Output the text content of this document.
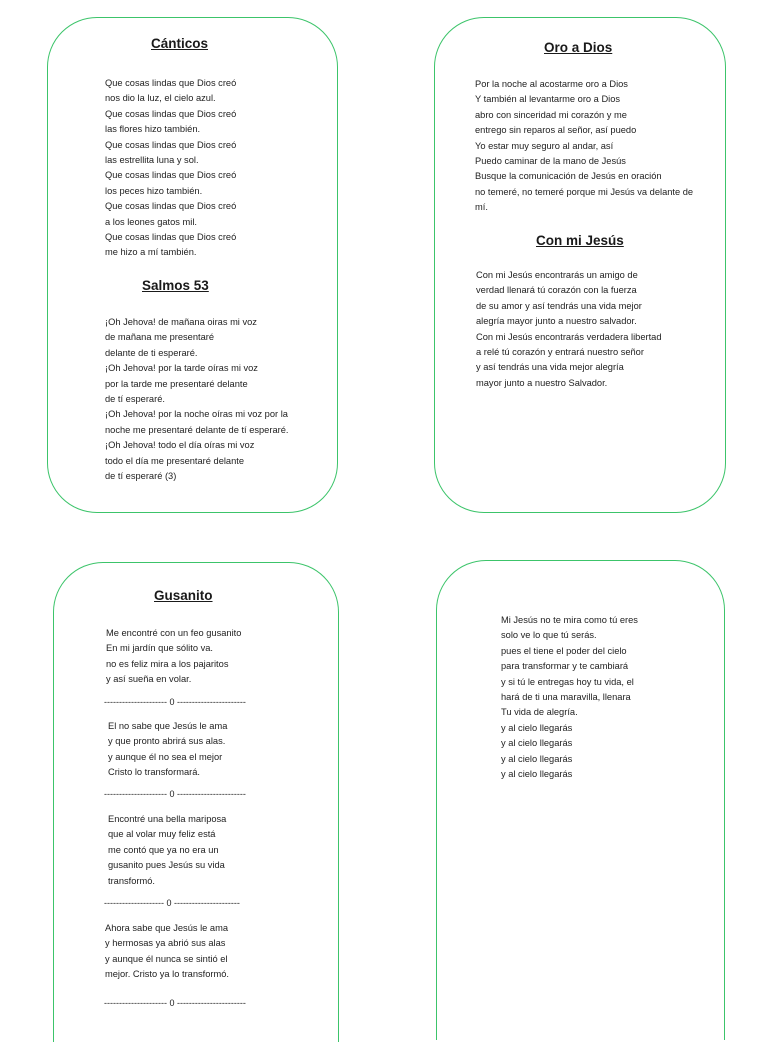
Cánticos
Que cosas lindas que Dios creó
nos dio la luz, el cielo azul.
Que cosas lindas que Dios creó
las flores hizo también.
Que cosas lindas que Dios creó
las estrellita luna y sol.
Que cosas lindas que Dios creó
los peces hizo también.
Que cosas lindas que Dios creó
a los leones gatos mil.
Que cosas lindas que Dios creó
me hizo a mí también.
Salmos 53
¡Oh Jehova! de mañana oiras mi voz
de mañana me presentaré
delante de ti esperaré.
¡Oh Jehova! por la tarde oíras mi voz
por la tarde me presentaré delante
de tí esperaré.
¡Oh Jehova! por la noche oíras mi voz por la
noche me presentaré delante de tí esperaré.
¡Oh Jehova! todo el día oíras mi voz
todo el día me presentaré delante
de tí esperaré (3)
Oro a Dios
Por la noche al acostarme oro a Dios
Y también al levantarme oro a Dios
abro con sinceridad mi corazón y me
entrego sin reparos al señor, así puedo
Yo estar muy seguro al andar, así
Puedo caminar de la mano de Jesús
Busque la comunicación de Jesús en oración
no temeré, no temeré porque mi Jesús va delante de
mí.
Con mi Jesús
Con mi Jesús encontrarás un amigo de
verdad llenará tú corazón con la fuerza
de su amor y así tendrás una vida mejor
alegría mayor junto a nuestro salvador.
Con mi Jesús encontrarás verdadera libertad
a relé tú corazón y entrará nuestro señor
y así tendrás una vida mejor alegría
mayor junto a nuestro Salvador.
Gusanito
Me encontré con un feo gusanito
En mi jardín que sólito va.
no es feliz mira a los pajaritos
y así sueña en volar.
--------------------- 0 -----------------------
El no sabe que Jesús le ama
y que pronto abrirá sus alas.
y aunque él no sea el mejor
Cristo lo transformará.
--------------------- 0 -----------------------
Encontré una bella mariposa
que al volar muy feliz está
me contó que ya no era un
gusanito pues Jesús su vida
transformó.
-------------------- 0 ----------------------
Ahora sabe que Jesús le ama
y hermosas ya abrió sus alas
y aunque él nunca se sintió el
mejor. Cristo ya lo transformó.
--------------------- 0 -----------------------
Mi Jesús no te mira como tú eres
solo ve lo que tú serás.
pues el tiene el poder del cielo
para transformar y te cambiará
y si tú le entregas hoy tu vida, el
hará de ti una maravilla, llenara
Tu vida de alegría.
y al cielo llegarás
y al cielo llegarás
y al cielo llegarás
y al cielo llegarás
